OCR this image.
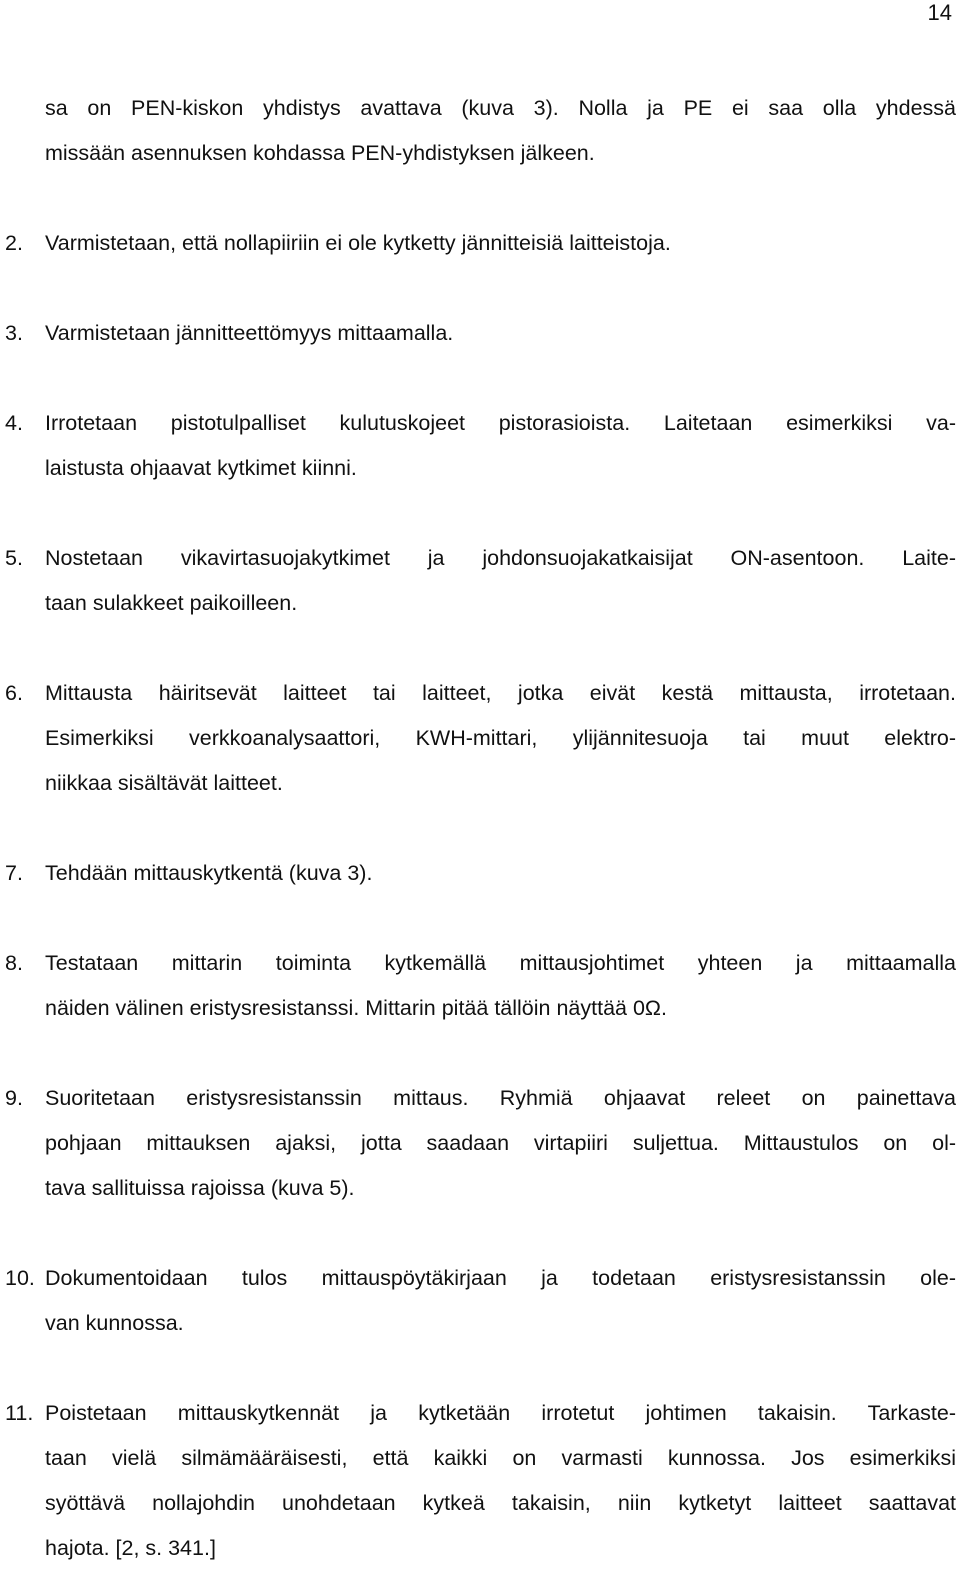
14
sa on PEN-kiskon yhdistys avattava (kuva 3). Nolla ja PE ei saa olla yhdessä
missään asennuksen kohdassa PEN-yhdistyksen jälkeen.
2. Varmistetaan, että nollapiiriin ei ole kytketty jännitteisiä laitteistoja.
3. Varmistetaan jännitteettömyys mittaamalla.
4. Irrotetaan pistotulpalliset kulutuskojeet pistorasioista. Laitetaan esimerkiksi va-
laistusta ohjaavat kytkimet kiinni.
5. Nostetaan vikavirtasuojakytkimet ja johdonsuojakatkaisijat ON-asentoon. Laite-
taan sulakkeet paikoilleen.
6. Mittausta häiritsevät laitteet tai laitteet, jotka eivät kestä mittausta, irrotetaan.
Esimerkiksi verkkoanalysaattori, KWH-mittari, ylijännitesuoja tai muut elektro-
niikkaa sisältävät laitteet.
7. Tehdään mittauskytkentä (kuva 3).
8. Testataan mittarin toiminta kytkemällä mittausjohtimet yhteen ja mittaamalla
näiden välinen eristysresistanssi. Mittarin pitää tällöin näyttää 0Ω.
9. Suoritetaan eristysresistanssin mittaus. Ryhmiä ohjaavat releet on painettava
pohjaan mittauksen ajaksi, jotta saadaan virtapiiri suljettua. Mittaustulos on ol-
tava sallituissa rajoissa (kuva 5).
10. Dokumentoidaan tulos mittauspöytäkirjaan ja todetaan eristysresistanssin ole-
van kunnossa.
11. Poistetaan mittauskytkennät ja kytketään irrotetut johtimen takaisin. Tarkaste-
taan vielä silmämääräisesti, että kaikki on varmasti kunnossa. Jos esimerkiksi
syöttävä nollajohdin unohdetaan kytkeä takaisin, niin kytketyt laitteet saattavat
hajota. [2, s. 341.]
